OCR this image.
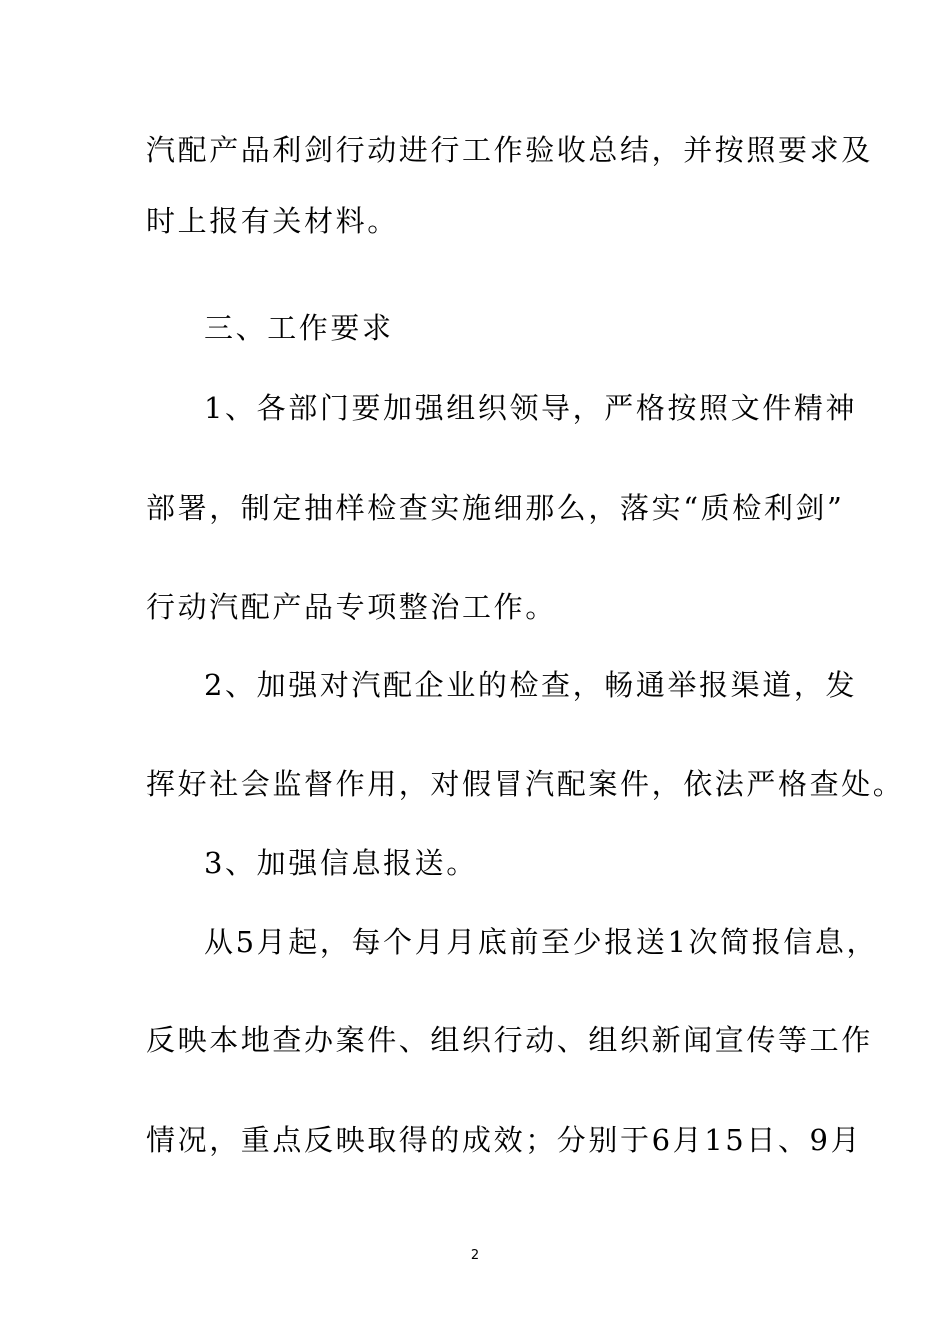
汽配产品利剑行动进行工作验收总结，并按照要求及
时上报有关材料。
三、工作要求
1、各部门要加强组织领导，严格按照文件精神
部署，制定抽样检查实施细那么，落实“质检利剑”
行动汽配产品专项整治工作。
2、加强对汽配企业的检查，畅通举报渠道，发
挥好社会监督作用，对假冒汽配案件，依法严格查处。
3、加强信息报送。
从5月起，每个月月底前至少报送1次简报信息，
反映本地查办案件、组织行动、组织新闻宣传等工作
情况，重点反映取得的成效；分别于6月15日、9月
2
